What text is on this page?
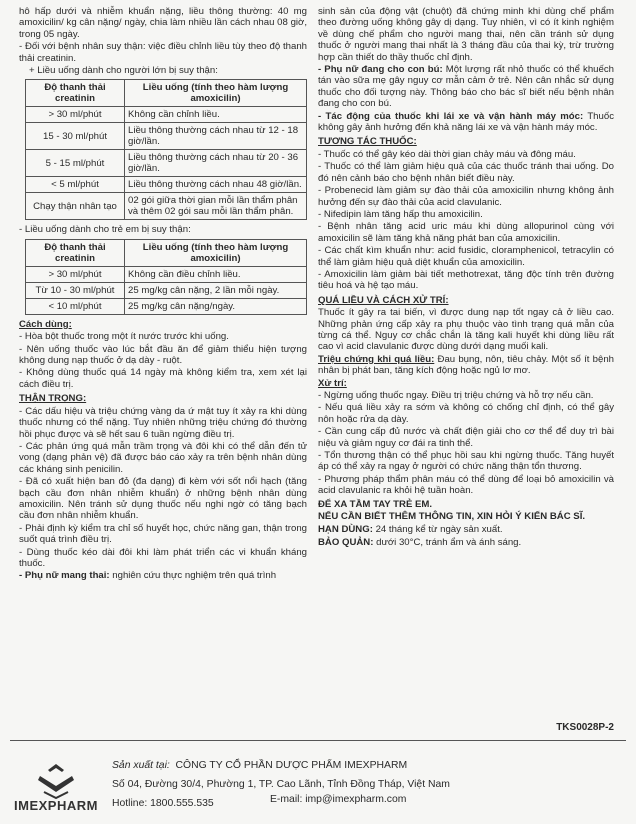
hô hấp dưới và nhiễm khuẩn nặng, liều thông thường: 40 mg amoxicilin/ kg cân nặng/ ngày, chia làm nhiều lần cách nhau 08 giờ, trong 05 ngày.

- Đối với bệnh nhân suy thận: việc điều chỉnh liều tùy theo độ thanh thải creatinin.

+ Liều uống dành cho người lớn bị suy thận:

Độ thanh thải creatinin	Liều uống (tính theo hàm lượng amoxicilin)
> 30 ml/phút	Không cần chỉnh liều.
15 - 30 ml/phút	Liều thông thường cách nhau từ 12 - 18 giờ/lần.
5 - 15 ml/phút	Liều thông thường cách nhau từ 20 - 36 giờ/lần.
< 5 ml/phút	Liều thông thường cách nhau 48 giờ/lần.
Chạy thận nhân tạo	02 gói giữa thời gian mỗi lần thẩm phân và thêm 02 gói sau mỗi lần thẩm phân.

- Liều uống dành cho trẻ em bị suy thận:

Độ thanh thải creatinin	Liều uống (tính theo hàm lượng amoxicilin)
> 30 ml/phút	Không cần điều chỉnh liều.
Từ 10 - 30 ml/phút	25 mg/kg cân nặng, 2 lần mỗi ngày.
< 10 ml/phút	25 mg/kg cân nặng/ngày.

Cách dùng:

- Hòa bột thuốc trong một ít nước trước khi uống.

- Nên uống thuốc vào lúc bắt đầu ăn để giảm thiểu hiện tượng không dung nạp thuốc ở dạ dày - ruột.

- Không dùng thuốc quá 14 ngày mà không kiểm tra, xem xét lại cách điều trị.

THẬN TRỌNG:

- Các dấu hiệu và triệu chứng vàng da ứ mật tuy ít xảy ra khi dùng thuốc nhưng có thể nặng. Tuy nhiên những triệu chứng đó thường hồi phục được và sẽ hết sau 6 tuần ngừng điều trị.

- Các phản ứng quá mẫn trầm trọng và đôi khi có thể dẫn đến tử vong (dạng phản vệ) đã được báo cáo xảy ra trên bệnh nhân dùng các kháng sinh penicilin.

- Đã có xuất hiện ban đỏ (đa dạng) đi kèm với sốt nổi hạch (tăng bạch cầu đơn nhân nhiễm khuẩn) ở những bệnh nhân dùng amoxicilin. Nên tránh sử dụng thuốc nếu nghi ngờ có tăng bạch cầu đơn nhân nhiễm khuẩn.

- Phải định kỳ kiểm tra chỉ số huyết học, chức năng gan, thận trong suốt quá trình điều trị.

- Dùng thuốc kéo dài đôi khi làm phát triển các vi khuẩn kháng thuốc.

- Phụ nữ mang thai: nghiên cứu thực nghiệm trên quá trình

sinh sản của động vật (chuột) đã chứng minh khi dùng chế phẩm theo đường uống không gây dị dạng. Tuy nhiên, vì có ít kinh nghiệm về dùng chế phẩm cho người mang thai, nên cần tránh sử dụng thuốc ở người mang thai nhất là 3 tháng đầu của thai kỳ, trừ trường hợp cần thiết do thầy thuốc chỉ định.

- Phụ nữ đang cho con bú: Một lượng rất nhỏ thuốc có thể khuếch tán vào sữa mẹ gây nguy cơ mẫn cảm ở trẻ. Nên cân nhắc sử dụng thuốc cho đối tượng này. Thông báo cho bác sĩ biết nếu bệnh nhân đang cho con bú.

- Tác động của thuốc khi lái xe và vận hành máy móc: Thuốc không gây ảnh hưởng đến khả năng lái xe và vận hành máy móc.

TƯƠNG TÁC THUỐC:

- Thuốc có thể gây kéo dài thời gian chảy máu và đông máu.

- Thuốc có thể làm giảm hiệu quả của các thuốc tránh thai uống. Do đó nên cảnh báo cho bệnh nhân biết điều này.

- Probenecid làm giảm sự đào thải của amoxicilin nhưng không ảnh hưởng đến sự đào thải của acid clavulanic.

- Nifedipin làm tăng hấp thu amoxicilin.

- Bệnh nhân tăng acid uric máu khi dùng allopurinol cùng với amoxicilin sẽ làm tăng khả năng phát ban của amoxicilin.

- Các chất kìm khuẩn như: acid fusidic, cloramphenicol, tetracylin có thể làm giảm hiệu quả diệt khuẩn của amoxicilin.

- Amoxicilin làm giảm bài tiết methotrexat, tăng độc tính trên đường tiêu hoá và hệ tạo máu.

QUÁ LIỀU VÀ CÁCH XỬ TRÍ:

Thuốc ít gây ra tai biến, vì được dung nạp tốt ngay cả ở liều cao. Những phản ứng cấp xảy ra phụ thuộc vào tình trạng quá mẫn của từng cá thể. Nguy cơ chắc chắn là tăng kali huyết khi dùng liều rất cao vì acid clavulanic được dùng dưới dạng muối kali.

Triệu chứng khi quá liều: Đau bụng, nôn, tiêu chảy. Một số ít bệnh nhân bị phát ban, tăng kích động hoặc ngủ lơ mơ.

Xử trí:

- Ngừng uống thuốc ngay. Điều trị triệu chứng và hỗ trợ nếu cần.

- Nếu quá liều xảy ra sớm và không có chống chỉ định, có thể gây nôn hoặc rửa dạ dày.

- Cần cung cấp đủ nước và chất điện giải cho cơ thể để duy trì bài niệu và giảm nguy cơ đái ra tinh thể.

- Tổn thương thận có thể phục hồi sau khi ngừng thuốc. Tăng huyết áp có thể xảy ra ngay ở người có chức năng thận tổn thương.

- Phương pháp thẩm phân máu có thể dùng để loại bỏ amoxicilin và acid clavulanic ra khỏi hệ tuần hoàn.

ĐỂ XA TẦM TAY TRẺ EM.

NẾU CẦN BIẾT THÊM THÔNG TIN, XIN HỎI Ý KIẾN BÁC SĨ.

HẠN DÙNG: 24 tháng kể từ ngày sản xuất.

BẢO QUẢN: dưới 30°C, tránh ẩm và ánh sáng.

TKS0028P-2
IMEXPHARM
Sản xuất tại: CÔNG TY CỔ PHẦN DƯỢC PHẨM IMEXPHARM
Số 04, Đường 30/4, Phường 1, TP. Cao Lãnh, Tỉnh Đồng Tháp, Việt Nam
Hotline: 1800.555.535	E-mail: imp@imexpharm.com
